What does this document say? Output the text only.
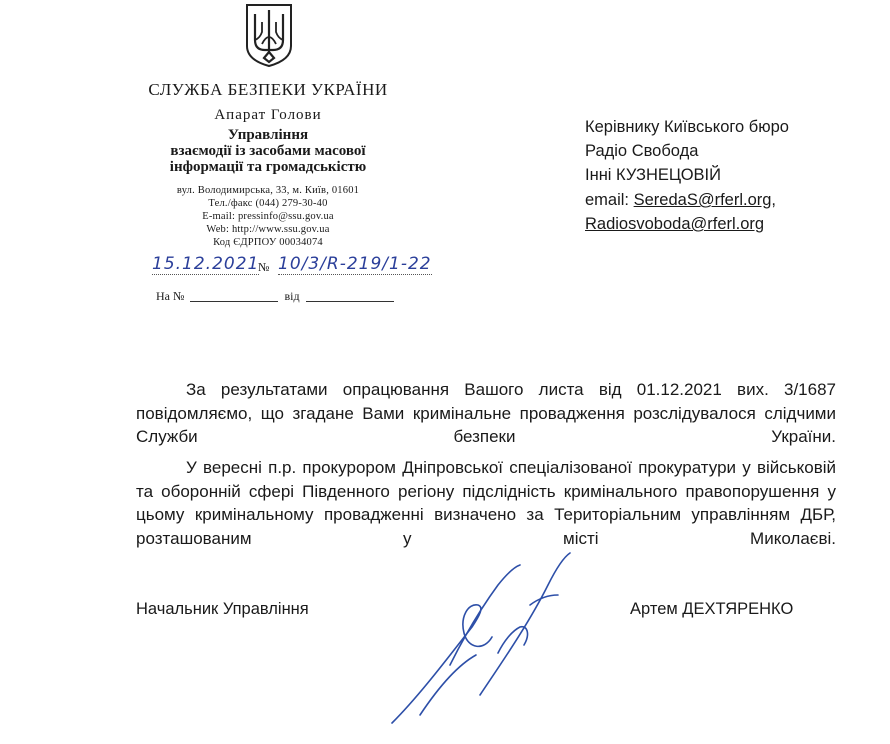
СЛУЖБА БЕЗПЕКИ УКРАЇНИ
Апарат Голови
Управління
взаємодії із засобами масової
інформації та громадськістю
вул. Володимирська, 33, м. Київ, 01601
Тел./факс (044) 279-30-40
E-mail: pressinfo@ssu.gov.ua
Web: http://www.ssu.gov.ua
Код ЄДРПОУ 00034074
15.12.2021
№ 10/3/R-219/1-22
На №	від
Керівнику Київського бюро
Радіо Свобода
Інні КУЗНЕЦОВІЙ
email: SeredaS@rferl.org,
Radiosvoboda@rferl.org
За результатами опрацювання Вашого листа від 01.12.2021 вих. 3/1687 повідомляємо, що згадане Вами кримінальне провадження розслідувалося слідчими Служби безпеки України.
У вересні п.р. прокурором Дніпровської спеціалізованої прокуратури у військовій та оборонній сфері Південного регіону підслідність кримінального правопорушення у цьому кримінальному провадженні визначено за Територіальним управлінням ДБР, розташованим у місті Миколаєві.
Начальник Управління	Артем ДЕХТЯРЕНКО
